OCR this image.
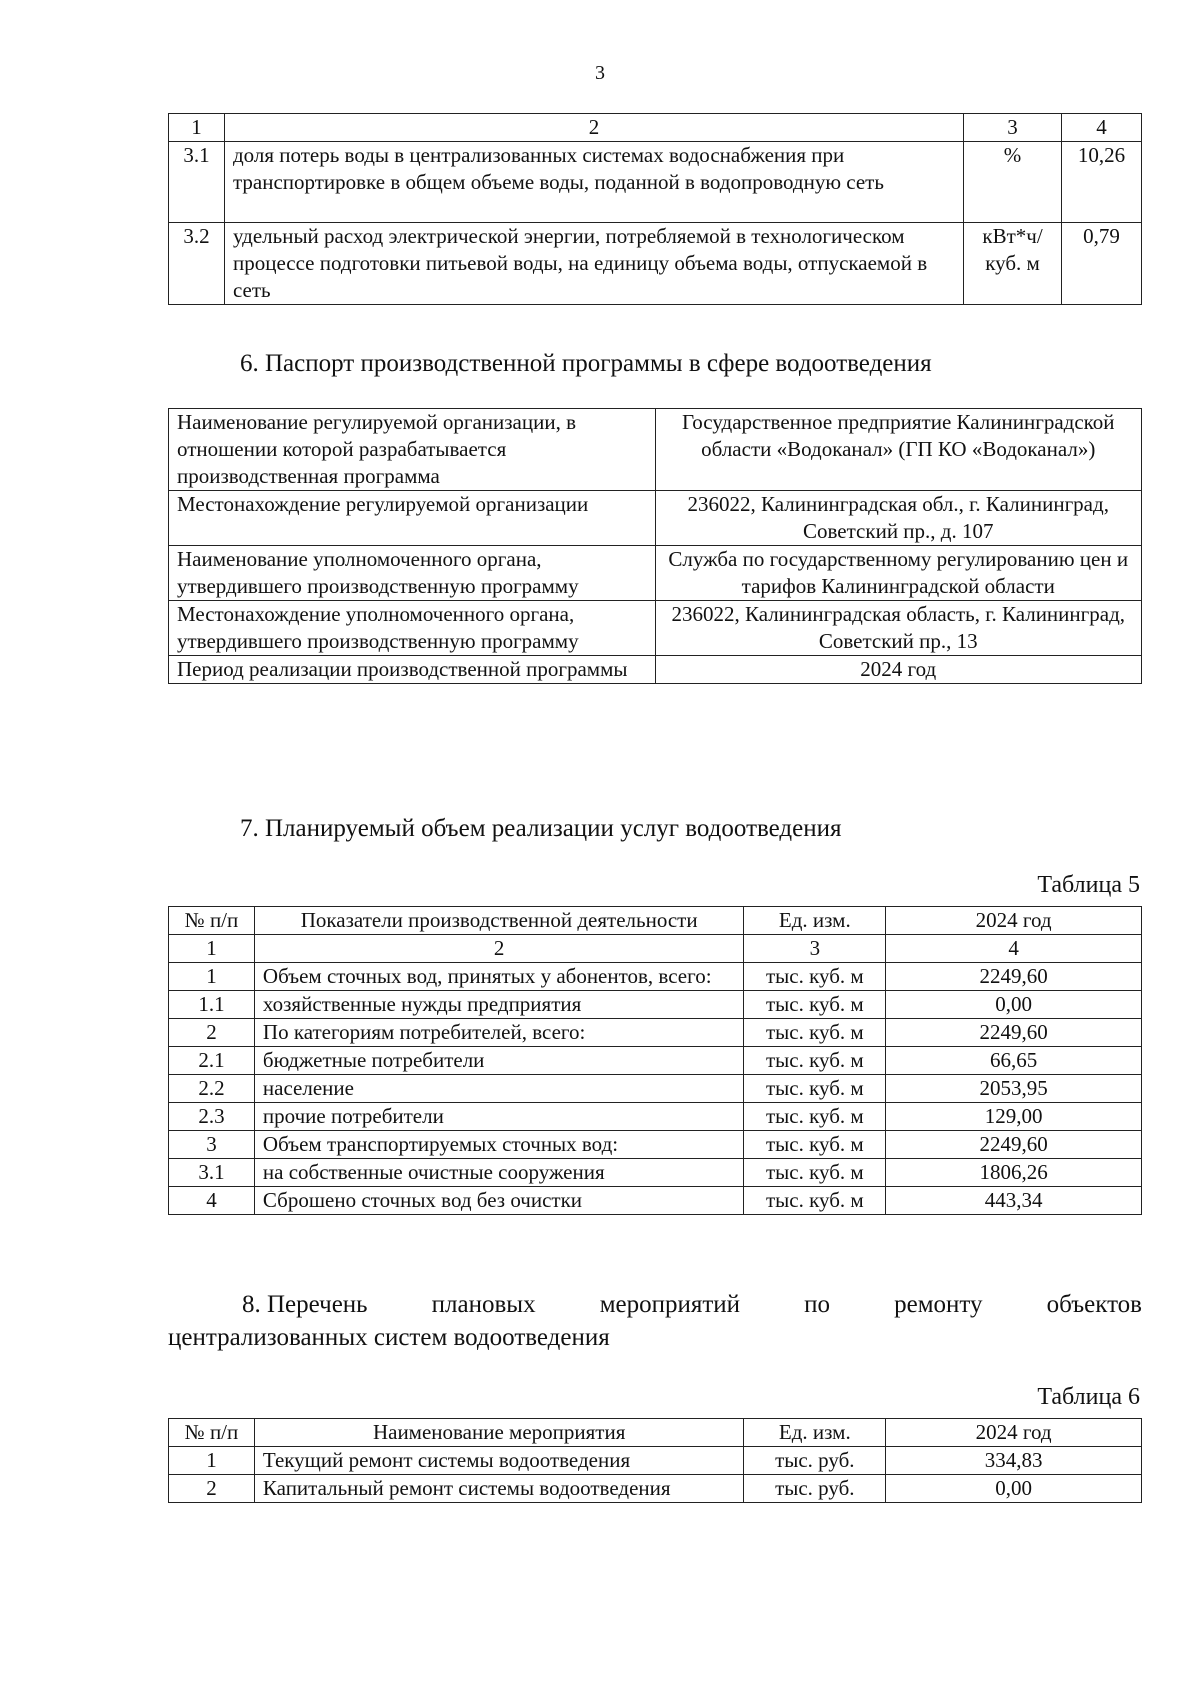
3
1	2	3	4
3.1	доля потерь воды в централизованных системах водоснабжения при транспортировке в общем объеме воды, поданной в водопроводную сеть	%	10,26
3.2	удельный расход электрической энергии, потребляемой в технологическом процессе подготовки питьевой воды, на единицу объема воды, отпускаемой в сеть	кВт*ч/ куб. м	0,79
6. Паспорт производственной программы в сфере водоотведения
Наименование регулируемой организации, в отношении которой разрабатывается производственная программа	Государственное предприятие Калининградской области «Водоканал» (ГП КО «Водоканал»)
Местонахождение регулируемой организации	236022, Калининградская обл., г. Калининград, Советский пр., д. 107
Наименование уполномоченного органа, утвердившего производственную программу	Служба по государственному регулированию цен и тарифов Калининградской области
Местонахождение уполномоченного органа, утвердившего производственную программу	236022, Калининградская область, г. Калининград, Советский пр., 13
Период реализации производственной программы	2024 год
7. Планируемый объем реализации услуг водоотведения
Таблица 5
№ п/п	Показатели производственной деятельности	Ед. изм.	2024 год
1	2	3	4
1	Объем сточных вод, принятых у абонентов, всего:	тыс. куб. м	2249,60
1.1	хозяйственные нужды предприятия	тыс. куб. м	0,00
2	По категориям потребителей, всего:	тыс. куб. м	2249,60
2.1	бюджетные потребители	тыс. куб. м	66,65
2.2	население	тыс. куб. м	2053,95
2.3	прочие потребители	тыс. куб. м	129,00
3	Объем транспортируемых сточных вод:	тыс. куб. м	2249,60
3.1	на собственные очистные сооружения	тыс. куб. м	1806,26
4	Сброшено сточных вод без очистки	тыс. куб. м	443,34
8. Перечень	плановых	мероприятий	по	ремонту	объектов
централизованных систем водоотведения
Таблица 6
№ п/п	Наименование мероприятия	Ед. изм.	2024 год
1	Текущий ремонт системы водоотведения	тыс. руб.	334,83
2	Капитальный ремонт системы водоотведения	тыс. руб.	0,00
